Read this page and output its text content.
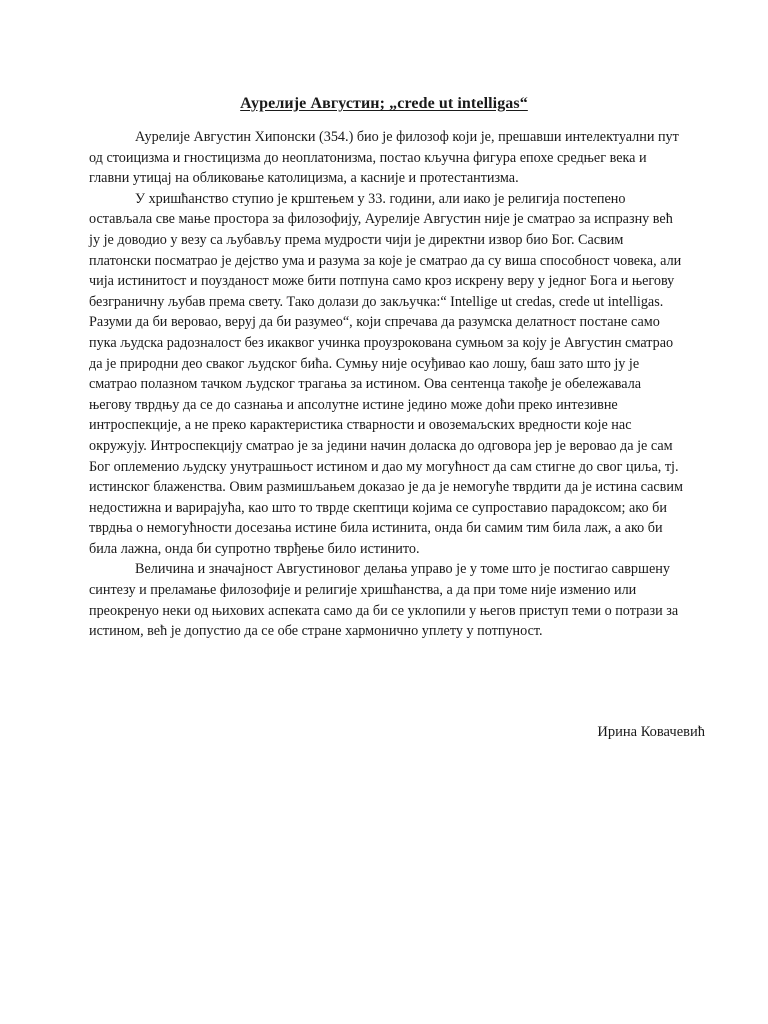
Аурелије Августин; „crede ut intelligas“

Аурелије Августин Хипонски (354.) био је филозоф који је, прешавши интелектуални пут од стоицизма и гностицизма до неоплатонизма, постао кључна фигура епохе средњег века и главни утицај на обликовање католицизма, а касније и протестантизма.

У хришћанство ступио је крштењем у 33. години, али иако је религија постепено остављала све мање простора за филозофију, Аурелије Августин није је сматрао за испразну већ ју је доводио у везу са љубављу према мудрости чији је директни извор био Бог. Сасвим платонски посматрао је дејство ума и разума за које је сматрао да су виша способност човека, али чија истинитост и поузданост може бити потпуна само кроз искрену веру у једног Бога и његову безграничну љубав према свету. Тако долази до закључка:“ Intellige ut credas, crede ut intelligas. Разуми да би веровао, веруј да би разумео“, који спречава да разумска делатност постане само пука људска радозналост без икаквог учинка проузрокована сумњом за коју је Августин сматрао да је природни део сваког људског бића. Сумњу није осуђивао као лошу, баш зато што ју је сматрао полазном тачком људског трагања за истином. Ова сентенца такође је обележавала његову тврдњу да се до сазнања и апсолутне истине једино може доћи преко интезивне интроспекције, а не преко карактеристика стварности и овоземаљских вредности које нас окружују. Интроспекцију сматрао је за једини начин доласка до одговора јер је веровао да је сам Бог оплеменио људску унутрашњост истином и дао му могућност да сам стигне до свог циља, тј. истинског блаженства. Овим размишљањем доказао је да је немогуће тврдити да је истина сасвим недостижна и варирајућа, као што то тврде скептици којима се супроставио парадоксом; ако би тврдња о немогућности досезања истине била истинита, онда би самим тим била лаж, а ако би била лажна, онда би супротно тврђење било истинито.

Величина и значајност Августиновог делања управо је у томе што је постигао савршену синтезу и преламање филозофије и религије хришћанства, а да при томе није изменио или преокренуо неки од њихових аспеката само да би се уклопили у његов приступ теми о потрази за истином, већ је допустио да се обе стране хармонично уплету у потпуност.

Ирина Ковачевић
